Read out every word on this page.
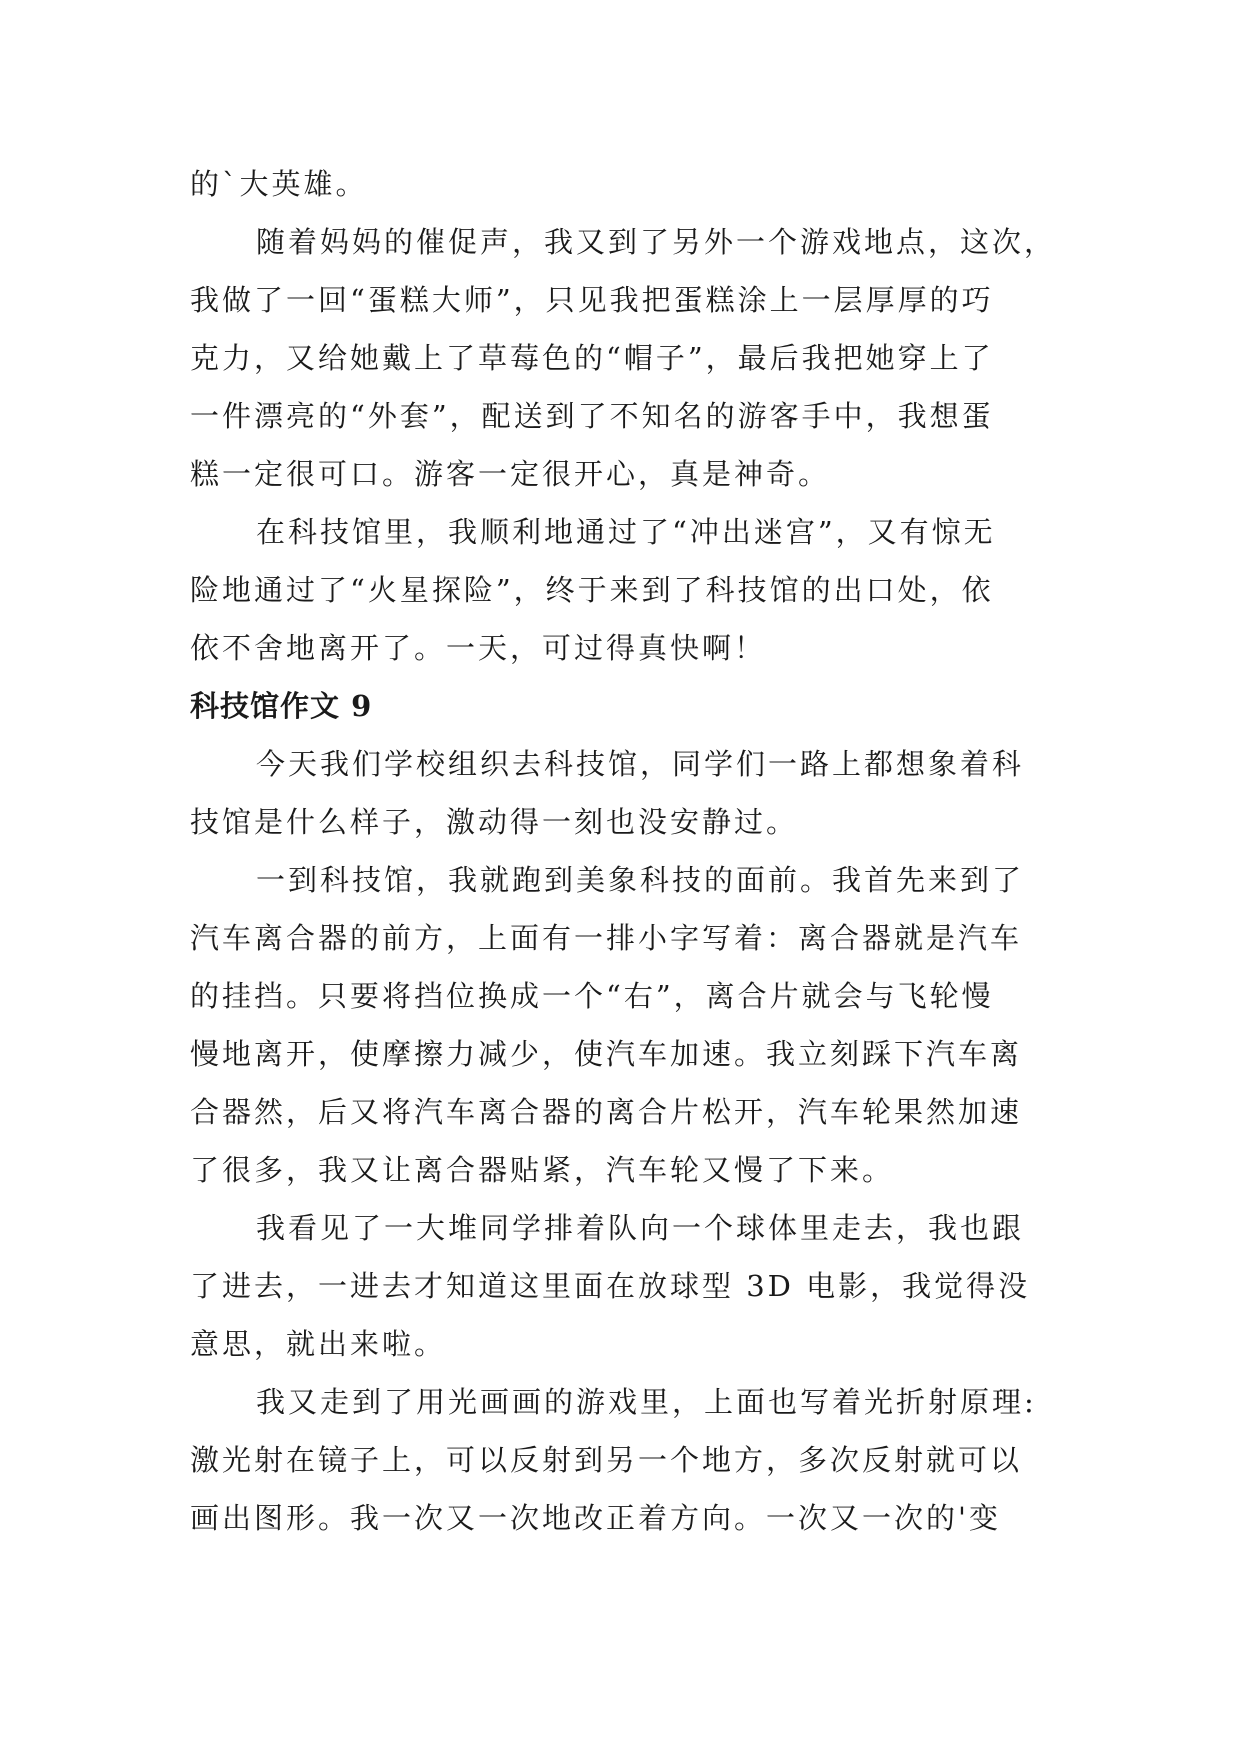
的`大英雄。

随着妈妈的催促声，我又到了另外一个游戏地点，这次，

我做了一回“蛋糕大师”，只见我把蛋糕涂上一层厚厚的巧

克力，又给她戴上了草莓色的“帽子”，最后我把她穿上了

一件漂亮的“外套”，配送到了不知名的游客手中，我想蛋

糕一定很可口。游客一定很开心，真是神奇。

在科技馆里，我顺利地通过了“冲出迷宫”，又有惊无

险地通过了“火星探险”，终于来到了科技馆的出口处，依

依不舍地离开了。一天，可过得真快啊！

科技馆作文 9

今天我们学校组织去科技馆，同学们一路上都想象着科

技馆是什么样子，激动得一刻也没安静过。

一到科技馆，我就跑到美象科技的面前。我首先来到了

汽车离合器的前方，上面有一排小字写着：离合器就是汽车

的挂挡。只要将挡位换成一个“右”，离合片就会与飞轮慢

慢地离开，使摩擦力减少，使汽车加速。我立刻踩下汽车离

合器然，后又将汽车离合器的离合片松开，汽车轮果然加速

了很多，我又让离合器贴紧，汽车轮又慢了下来。

我看见了一大堆同学排着队向一个球体里走去，我也跟

了进去，一进去才知道这里面在放球型 3D 电影，我觉得没

意思，就出来啦。

我又走到了用光画画的游戏里，上面也写着光折射原理:

激光射在镜子上，可以反射到另一个地方，多次反射就可以

画出图形。我一次又一次地改正着方向。一次又一次的'变
